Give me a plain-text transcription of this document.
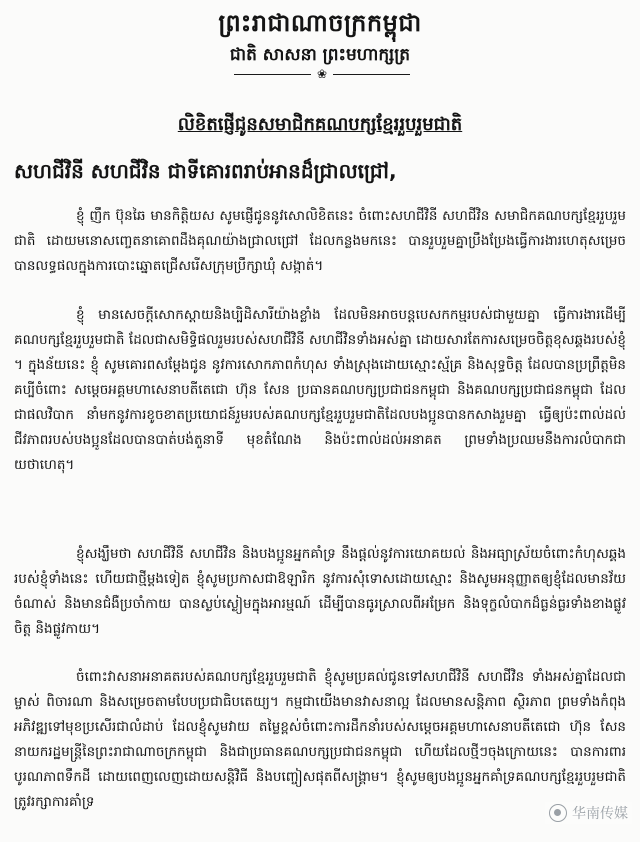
ព្រះរាជាណាចក្រកម្ពុជា
ជាតិ សាសនា ព្រះមហាក្សត្រ
❀
លិខិតផ្ញើជូនសមាជិកគណបក្សខ្មែររួបរួមជាតិ
សហជីវិនី សហជីវិន ជាទីគោរពរាប់អានដ៏ជ្រាលជ្រៅ,

ខ្ញុំ ញឹក ប៊ុនឆៃ មានកិត្តិយស សូមផ្ញើជូននូវសោលិខិតនេះ ចំពោះសហជីវិនី សហជីវិន សមាជិកគណបក្សខ្មែររួបរួមជាតិ ដោយមនោសញ្ចេតនាគោពដឹងគុណយ៉ាងជ្រាលជ្រៅ ដែលកន្លងមកនេះ បានរួបរួមគ្នាប្រឹងប្រែងធ្វើការងារហេតុសម្រេចបានលទ្ធផលក្នុងការបោះឆ្នោតជ្រើសរើសក្រុមប្រឹក្សាឃុំ សង្កាត់។

ខ្ញុំ មានសេចក្តីសោកស្តាយនិងប្បិដិសារីយ៉ាងខ្លាំង ដែលមិនអាចបន្តបេសកកម្មរបស់ជាមួយគ្នា ធ្វើការងារដើម្បីគណបក្សខ្មែររួបរួមជាតិ ដែលជាសមិទ្ធិផលរួមរបស់សហជីវិនី សហជីវិនទាំងអស់គ្នា ដោយសារតែការសម្រេចចិត្តខុសឆ្គងរបស់ខ្ញុំ ។ ក្នុងន័យនេះ ខ្ញុំ សូមគោរពសម្តែងជូន នូវការសោកភាពកំហុស ទាំងស្រុងដោយស្មោះស្ម័គ្រ និងសុទ្ធចិត្ត ដែលបានប្រព្រឹត្តមិនគប្បីចំពោះ សម្តេចអគ្គមហាសេនាបតីតេជោ ហ៊ុន សែន ប្រធានគណបក្សប្រជាជនកម្ពុជា និងគណបក្សប្រជាជនកម្ពុជា ដែលជាផលវិបាក នាំមកនូវការខូចខាតប្រយោជន៍រួមរបស់គណបក្សខ្មែររួបរួមជាតិដែលបងប្អូនបានកសាងរួមគ្នា ធ្វើឲ្យប៉ះពាល់ដល់ជីវភាពរបស់បងប្អូនដែលបានបាត់បង់តួនាទី មុខតំណែង និងប៉ះពាល់ដល់អនាគត ព្រមទាំងប្រឈមនឹងការលំបាកជាយថាហេតុ។

ខ្ញុំសង្ឃឹមថា សហជីវិនី សហជីវិន និងបងប្អូនអ្នកគាំទ្រ នឹងផ្តល់នូវការយោគយល់ និងអធ្យាស្រ័យចំពោះកំហុសឆ្គងរបស់ខ្ញុំទាំងនេះ ហើយជាថ្មីម្តងទៀត ខ្ញុំសូមប្រកាសជាឱឡារិក នូវការសុំទោសដោយស្មោះ និងសូមអនុញ្ញាតឲ្យខ្ញុំដែលមានវ័យចំណាស់ និងមានជំងឺប្រចាំកាយ បានស្ងប់ស្ងៀមក្នុងអារម្មណ៍ ដើម្បីបានធូរស្រាលពីអម្រែក និងទុក្ខលំបាកដ៏ធ្ងន់ធ្ងរទាំងខាងផ្លូវចិត្ត និងផ្លូវកាយ។

ចំពោះវាសនាអនាគតរបស់គណបក្សខ្មែររួបរួមជាតិ ខ្ញុំសូមប្រគល់ជូនទៅសហជីវិនី សហជីវិន ទាំងអស់គ្នាដែលជាម្ចាស់ ពិចារណា និងសម្រេចតាមបែបប្រជាធិបតេយ្យ។ កម្មជាយើងមានវាសនាល្អ ដែលមានសន្តិភាព ស្ថិរភាព ព្រមទាំងកំពុងអភិវឌ្ឍទៅមុខប្រសើរជាលំដាប់ ដែលខ្ញុំសូមវាយ តម្លៃខ្ពស់ចំពោះការដឹកនាំរបស់សម្តេចអគ្គមហាសេនាបតីតេជោ ហ៊ុន សែន នាយករដ្ឋមន្រ្តីនៃព្រះរាជាណាចក្រកម្ពុជា និងជាប្រធានគណបក្សប្រជាជនកម្ពុជា ហើយដែលថ្មីៗចុងក្រោយនេះ បានការពារបូរណភាពទឹកដី ដោយពេញលេញដោយសន្តិវិធី និងបញ្ចៀសផុតពីសង្គ្រាម។ ខ្ញុំសូមឲ្យបងប្អូនអ្នកគាំទ្រគណបក្សខ្មែររួបរួមជាតិ ត្រូវរក្សាការគាំទ្រ

华南传媒
